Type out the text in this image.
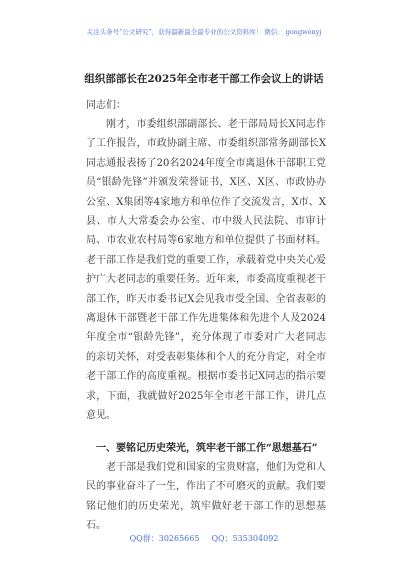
关注头条号“公文研究”，获得最新最全最专业的公文资料库！ 微信： gongwenyj
组织部部长在2025年全市老干部工作会议上的讲话
同志们：

刚才，市委组织部副部长、老干部局局长X同志作了工作报告，市政协副主席、市委组织部常务副部长X同志通报表扬了20名2024年度全市离退休干部职工党员“银龄先锋”并颁发荣誉证书，X区、X区、市政协办公室、X集团等4家地方和单位作了交流发言，X市、X县、市人大常委会办公室、市中级人民法院、市审计局、市农业农村局等6家地方和单位提供了书面材料。老干部工作是我们党的重要工作，承载着党中央关心爱护广大老同志的重要任务。近年来，市委高度重视老干部工作，昨天市委书记X会见我市受全国、全省表彰的离退休干部暨老干部工作先进集体和先进个人及2024年度全市“银龄先锋”，充分体现了市委对广大老同志的亲切关怀，对受表彰集体和个人的充分肯定，对全市老干部工作的高度重视。根据市委书记X同志的指示要求，下面，我就做好2025年全市老干部工作，讲几点意见。

一、要铭记历史荣光，筑牢老干部工作“思想基石”

老干部是我们党和国家的宝贵财富，他们为党和人民的事业奋斗了一生，作出了不可磨灭的贡献。我们要铭记他们的历史荣光，筑牢做好老干部工作的思想基石。

QQ群：30265665 QQ：535304092
